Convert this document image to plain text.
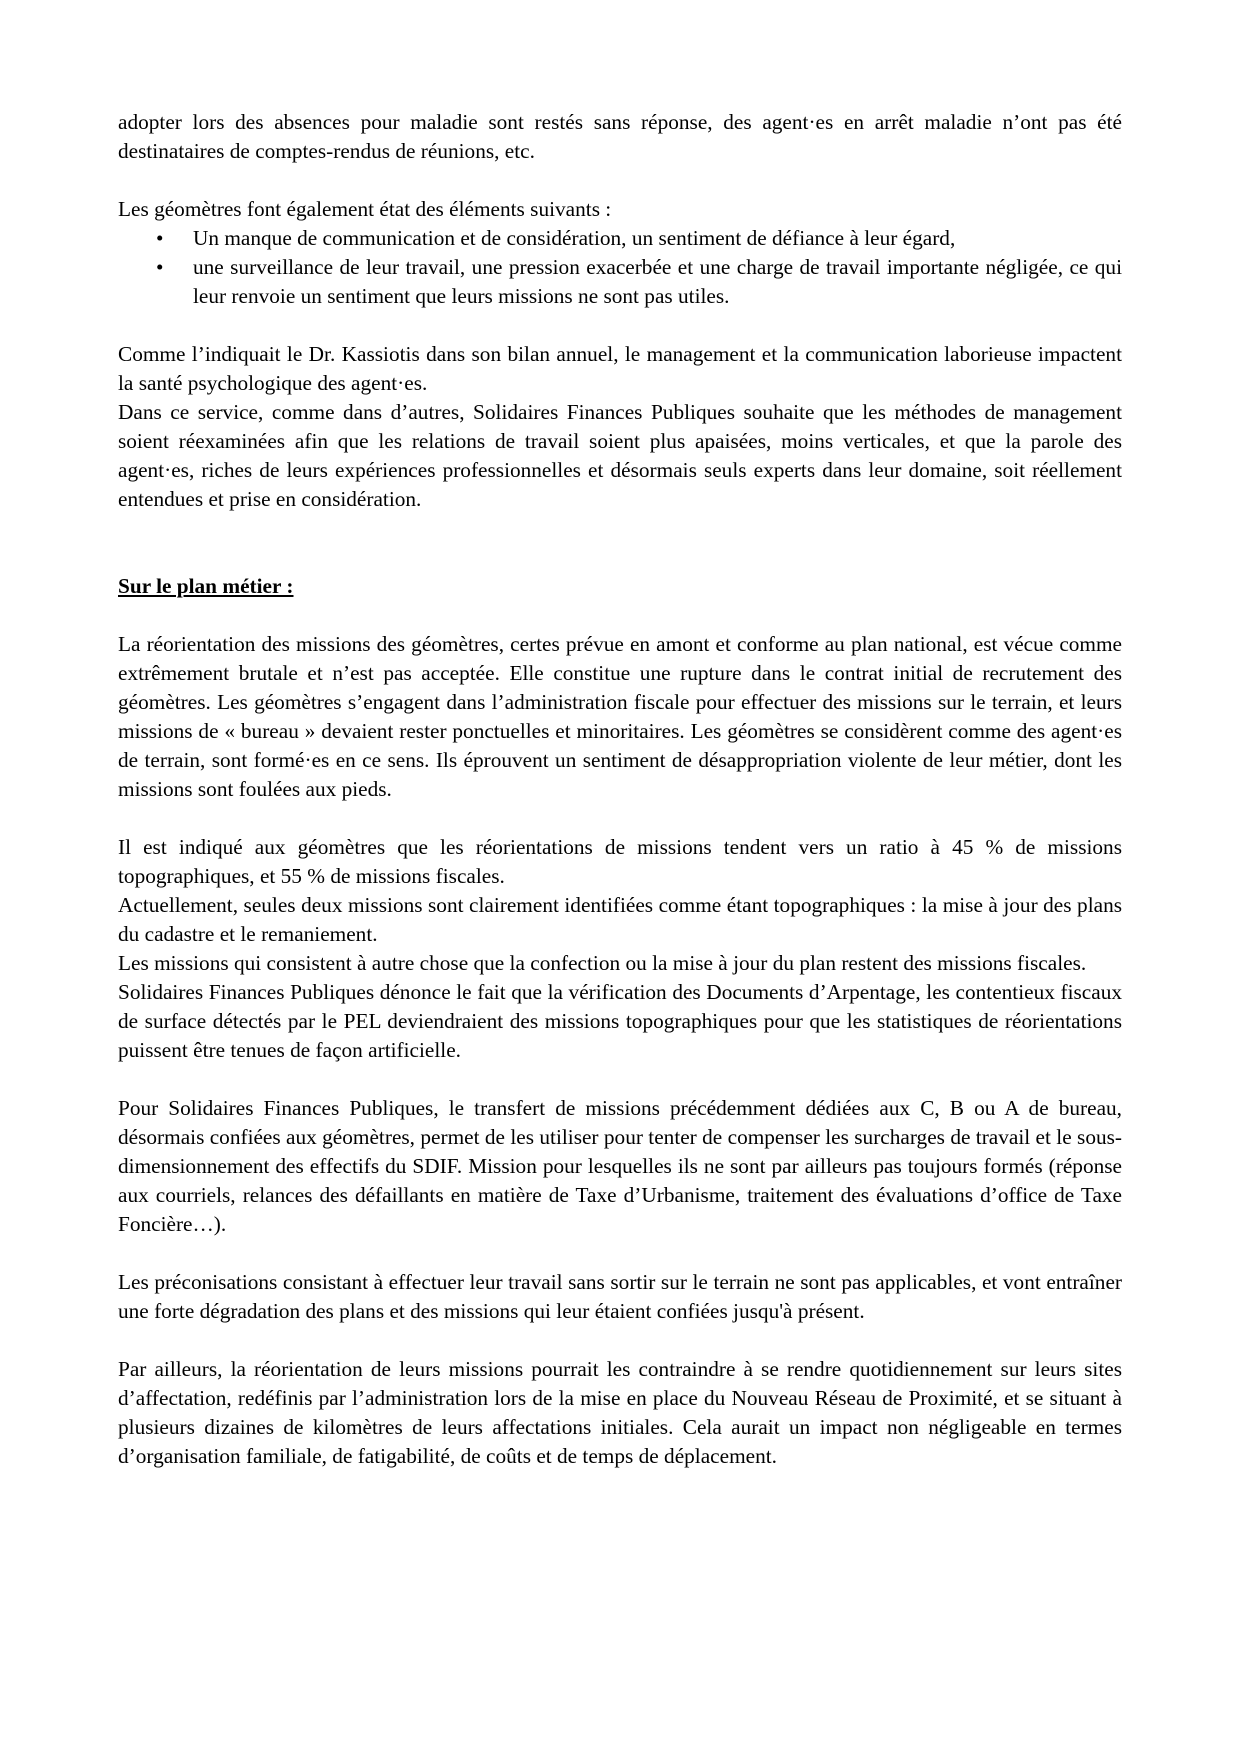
adopter lors des absences pour maladie sont restés sans réponse, des agent·es en arrêt maladie n’ont pas été destinataires de comptes-rendus de réunions, etc.

Les géomètres font également état des éléments suivants :

• Un manque de communication et de considération, un sentiment de défiance à leur égard,
• une surveillance de leur travail, une pression exacerbée et une charge de travail importante négligée, ce qui leur renvoie un sentiment que leurs missions ne sont pas utiles.

Comme l’indiquait le Dr. Kassiotis dans son bilan annuel, le management et la communication laborieuse impactent la santé psychologique des agent·es.

Dans ce service, comme dans d’autres, Solidaires Finances Publiques souhaite que les méthodes de management soient réexaminées afin que les relations de travail soient plus apaisées, moins verticales, et que la parole des agent·es, riches de leurs expériences professionnelles et désormais seuls experts dans leur domaine, soit réellement entendues et prise en considération.

Sur le plan métier :

La réorientation des missions des géomètres, certes prévue en amont et conforme au plan national, est vécue comme extrêmement brutale et n’est pas acceptée. Elle constitue une rupture dans le contrat initial de recrutement des géomètres. Les géomètres s’engagent dans l’administration fiscale pour effectuer des missions sur le terrain, et leurs missions de « bureau » devaient rester ponctuelles et minoritaires. Les géomètres se considèrent comme des agent·es de terrain, sont formé·es en ce sens. Ils éprouvent un sentiment de désappropriation violente de leur métier, dont les missions sont foulées aux pieds.

Il est indiqué aux géomètres que les réorientations de missions tendent vers un ratio à 45 % de missions topographiques, et 55 % de missions fiscales.

Actuellement, seules deux missions sont clairement identifiées comme étant topographiques : la mise à jour des plans du cadastre et le remaniement.

Les missions qui consistent à autre chose que la confection ou la mise à jour du plan restent des missions fiscales.

Solidaires Finances Publiques dénonce le fait que la vérification des Documents d’Arpentage, les contentieux fiscaux de surface détectés par le PEL deviendraient des missions topographiques pour que les statistiques de réorientations puissent être tenues de façon artificielle.

Pour Solidaires Finances Publiques, le transfert de missions précédemment dédiées aux C, B ou A de bureau, désormais confiées aux géomètres, permet de les utiliser pour tenter de compenser les surcharges de travail et le sous-dimensionnement des effectifs du SDIF. Mission pour lesquelles ils ne sont par ailleurs pas toujours formés (réponse aux courriels, relances des défaillants en matière de Taxe d’Urbanisme, traitement des évaluations d’office de Taxe Foncière…).

Les préconisations consistant à effectuer leur travail sans sortir sur le terrain ne sont pas applicables, et vont entraîner une forte dégradation des plans et des missions qui leur étaient confiées jusqu'à présent.

Par ailleurs, la réorientation de leurs missions pourrait les contraindre à se rendre quotidiennement sur leurs sites d’affectation, redéfinis par l’administration lors de la mise en place du Nouveau Réseau de Proximité, et se situant à plusieurs dizaines de kilomètres de leurs affectations initiales. Cela aurait un impact non négligeable en termes d’organisation familiale, de fatigabilité, de coûts et de temps de déplacement.
